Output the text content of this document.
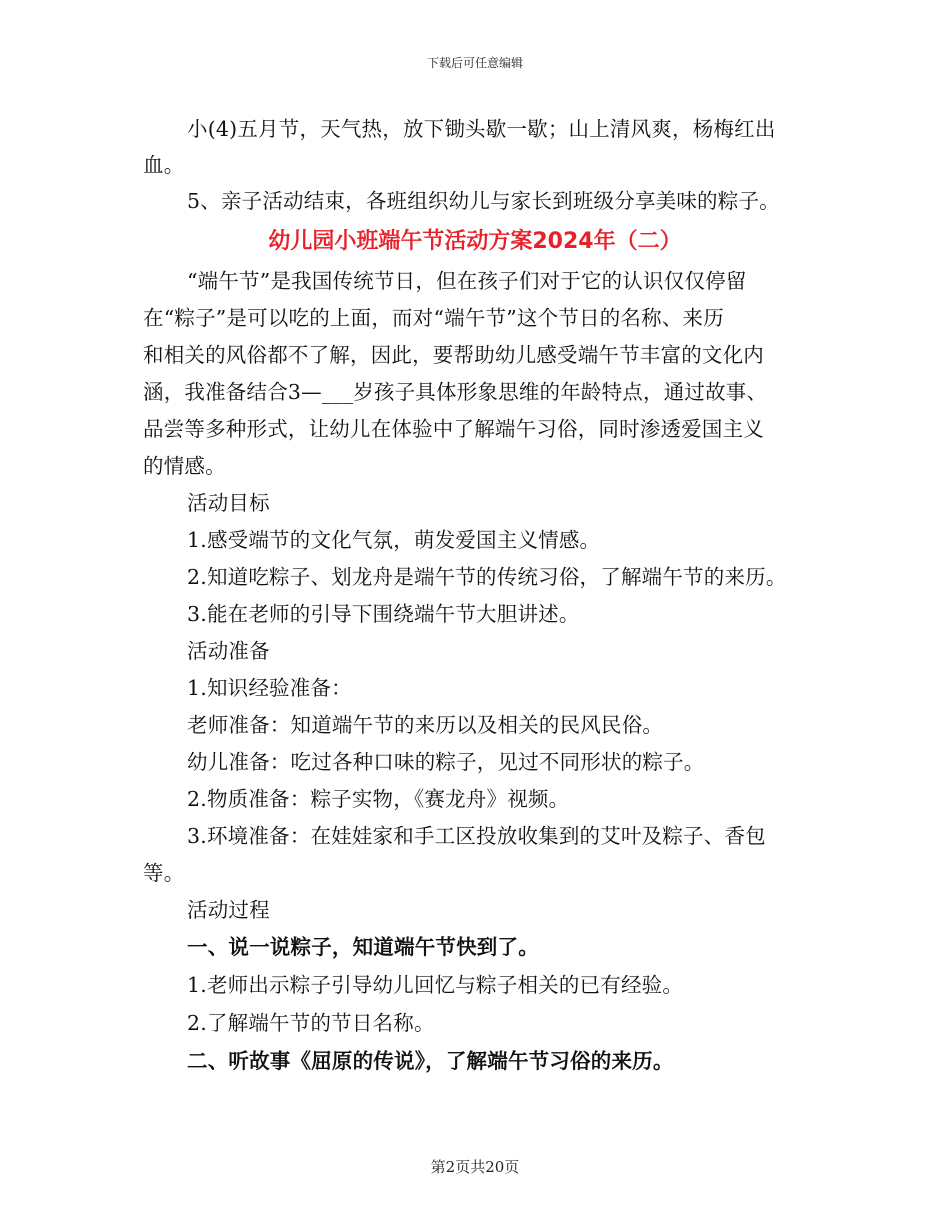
下载后可任意编辑
小(4)五月节，天气热，放下锄头歇一歇；山上清风爽，杨梅红出
血。
5、亲子活动结束，各班组织幼儿与家长到班级分享美味的粽子。
幼儿园小班端午节活动方案2024年（二）
“端午节”是我国传统节日，但在孩子们对于它的认识仅仅停留
在“粽子”是可以吃的上面，而对“端午节”这个节日的名称、来历
和相关的风俗都不了解，因此，要帮助幼儿感受端午节丰富的文化内
涵，我准备结合3—___岁孩子具体形象思维的年龄特点，通过故事、
品尝等多种形式，让幼儿在体验中了解端午习俗，同时渗透爱国主义
的情感。
活动目标
1.感受端节的文化气氛，萌发爱国主义情感。
2.知道吃粽子、划龙舟是端午节的传统习俗，了解端午节的来历。
3.能在老师的引导下围绕端午节大胆讲述。
活动准备
1.知识经验准备：
老师准备：知道端午节的来历以及相关的民风民俗。
幼儿准备：吃过各种口味的粽子，见过不同形状的粽子。
2.物质准备：粽子实物，《赛龙舟》视频。
3.环境准备：在娃娃家和手工区投放收集到的艾叶及粽子、香包
等。
活动过程
一、说一说粽子，知道端午节快到了。
1.老师出示粽子引导幼儿回忆与粽子相关的已有经验。
2.了解端午节的节日名称。
二、听故事《屈原的传说》，了解端午节习俗的来历。
第2页共20页
